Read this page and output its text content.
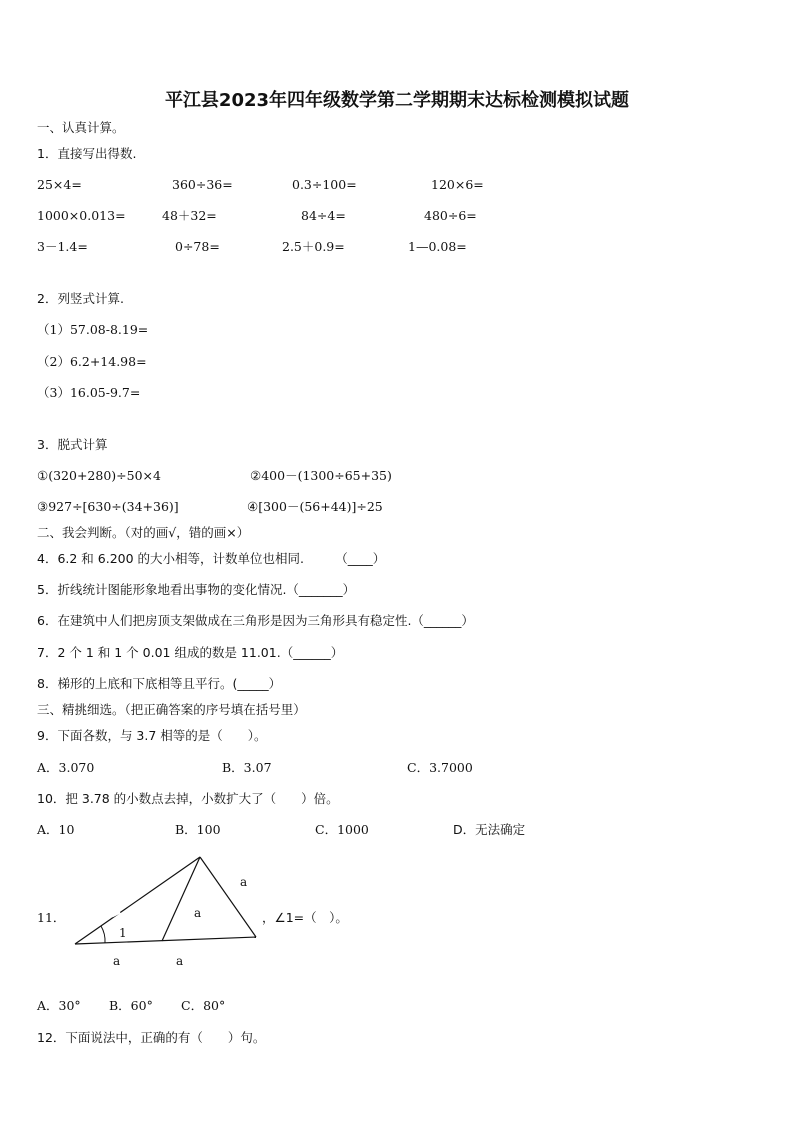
平江县2023年四年级数学第二学期期末达标检测模拟试题
一、认真计算。
1．直接写出得数.
25×4=	360÷36=	0.3÷100=	120×6=
1000×0.013=	48＋32=	84÷4=	480÷6=
3－1.4=	0÷78=	2.5＋0.9=	1—0.08=
2．列竖式计算.
（1）57.08-8.19=
（2）6.2+14.98=
（3）16.05-9.7=
3．脱式计算
①(320+280)÷50×4	②400－(1300÷65+35)
③927÷[630÷(34+36)]	④[300－(56+44)]÷25
二、我会判断。（对的画√，错的画×）
4．6.2 和 6.200 的大小相等，计数单位也相同.　　　（____）
5．折线统计图能形象地看出事物的变化情况.（_______）
6．在建筑中人们把房顶支架做成在三角形是因为三角形具有稳定性.（______）
7．2 个 1 和 1 个 0.01 组成的数是 11.01.（______）
8．梯形的上底和下底相等且平行。(_____）
三、精挑细选。（把正确答案的序号填在括号里）
9．下面各数，与 3.7 相等的是（　　）。
A．3.070	B．3.07	C．3.7000
10．把 3.78 的小数点去掉，小数扩大了（　　）倍。
A．10	B．100	C．1000	D．无法确定
11．
1
a
a
a	a
，∠1=（　）。
A．30° B．60° C．80°
12．下面说法中，正确的有（　　）句。
